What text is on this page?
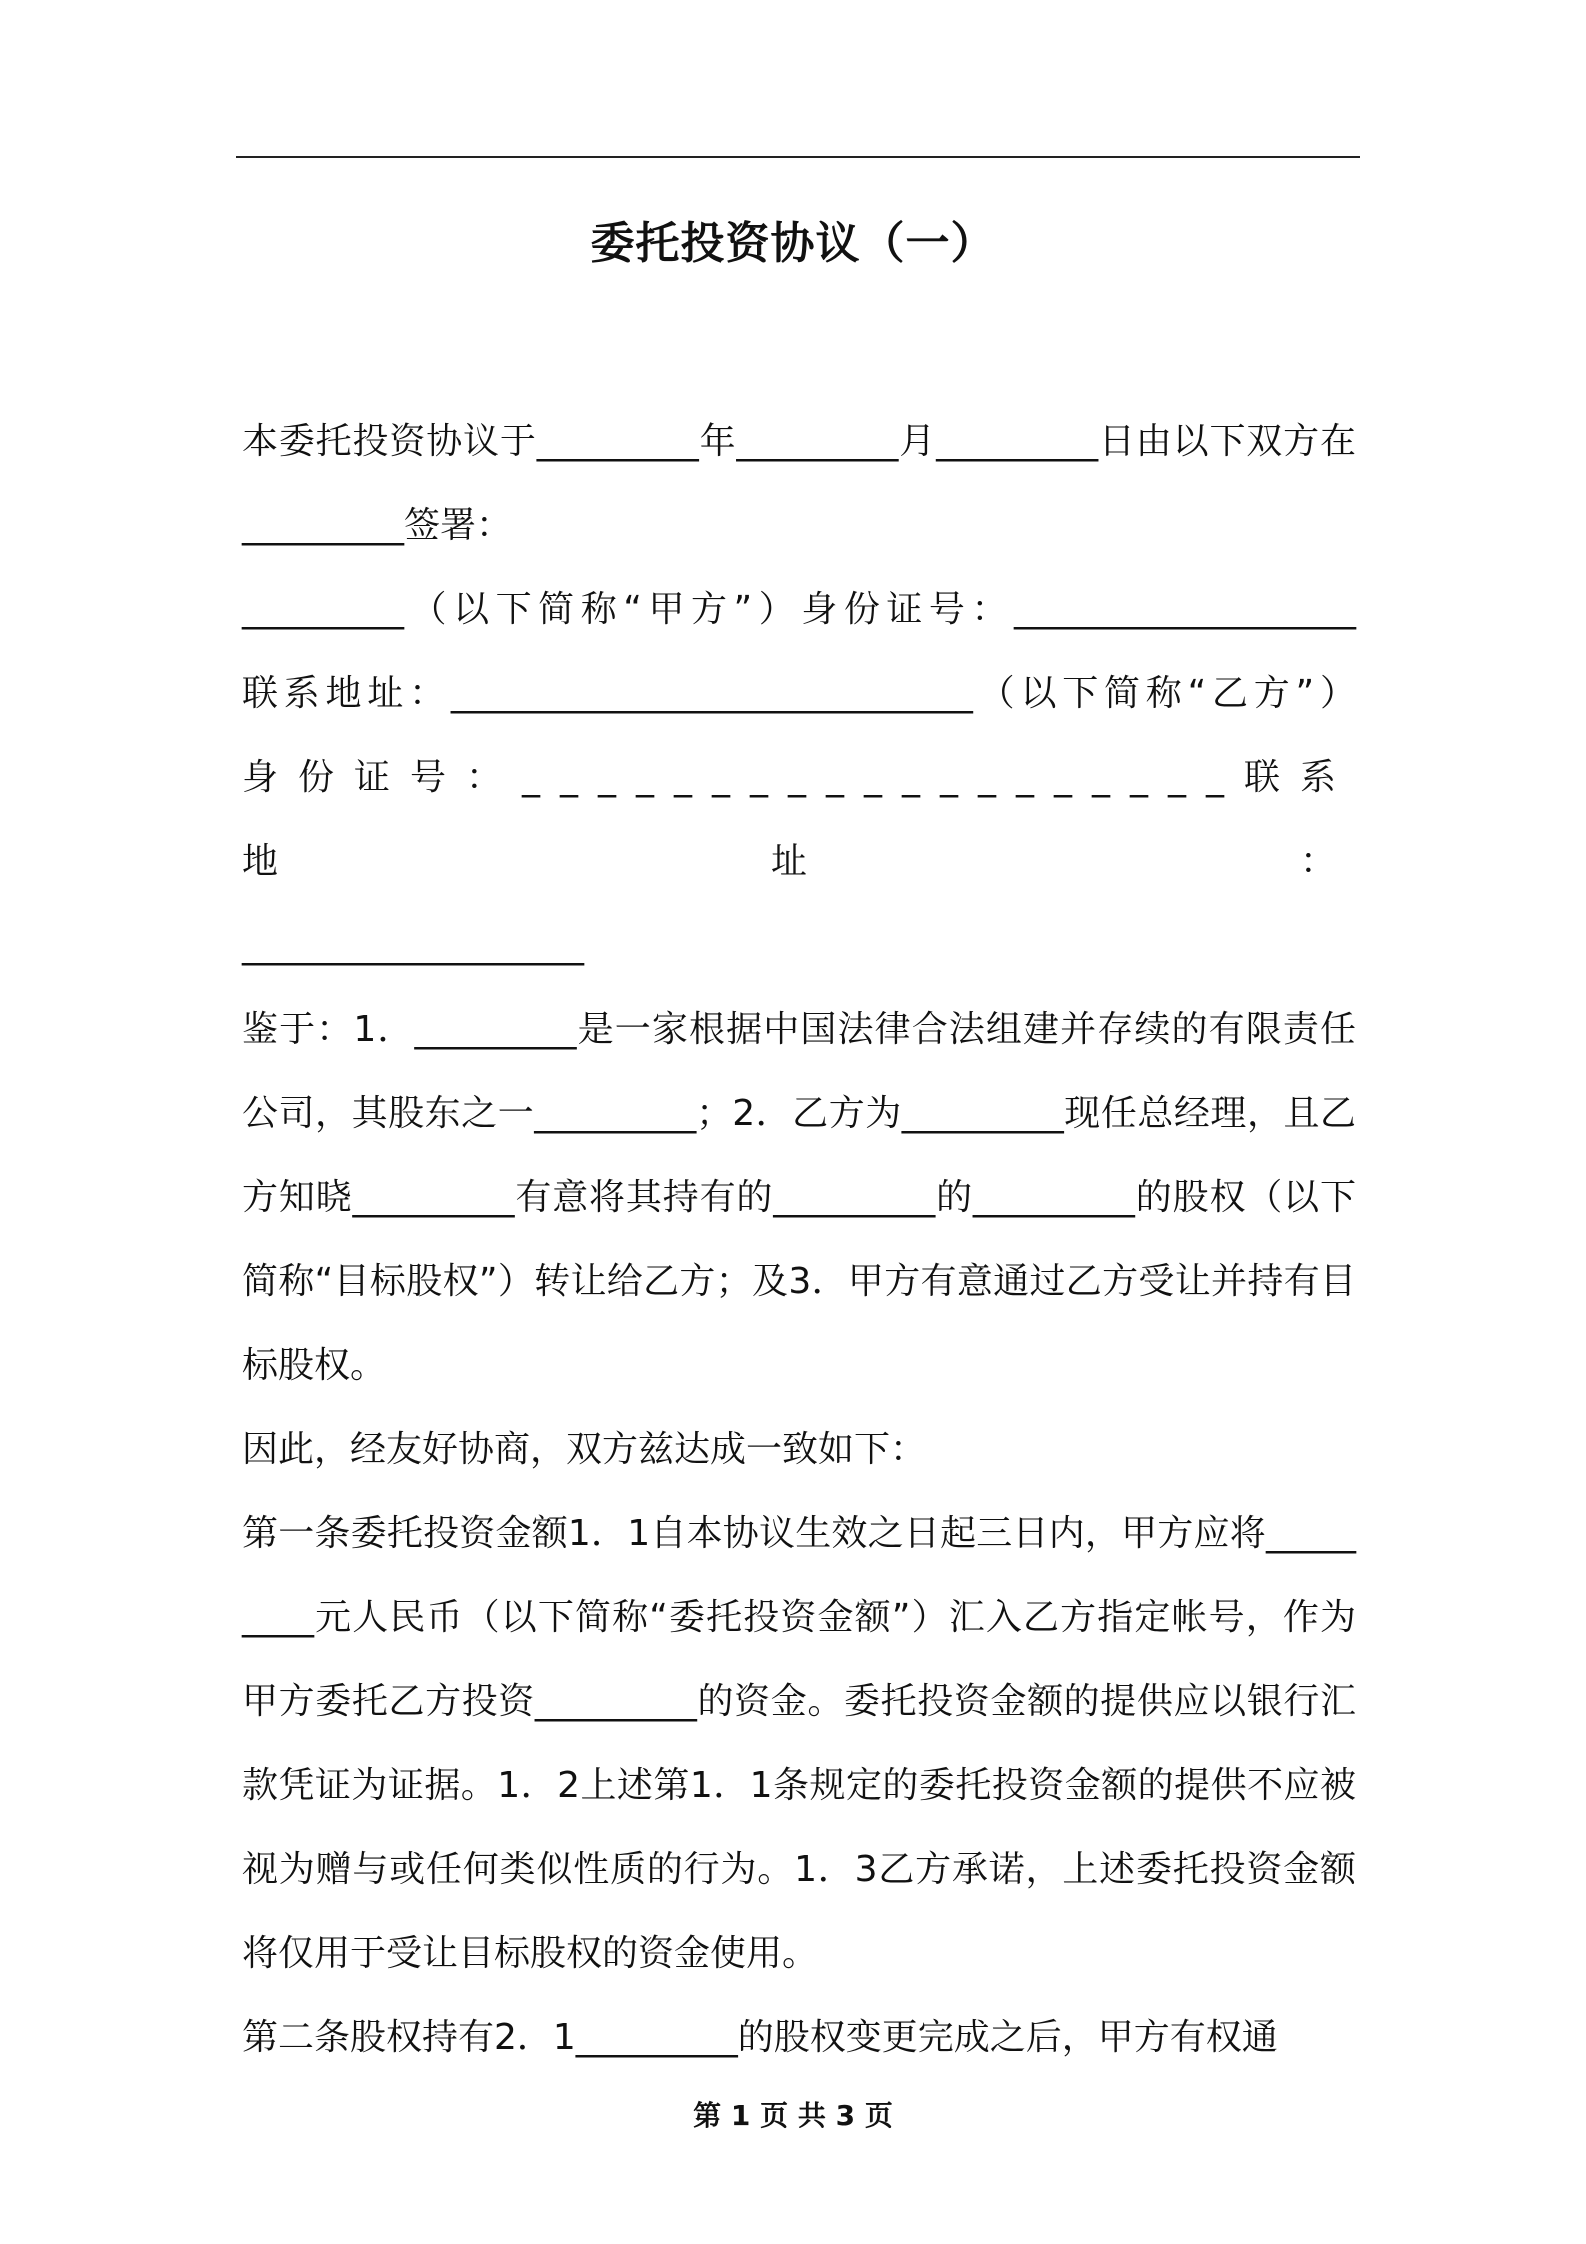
委托投资协议（一）

本委托投资协议于_________年_________月_________日由以下双方在_________签署：

_________（以下简称“甲方”）身份证号：___________________

联系地址：_____________________________（以下简称“乙方”）

身份证号：___________________联系地址：

___________________

鉴于：1．_________是一家根据中国法律合法组建并存续的有限责任公司，其股东之一_________；2．乙方为_________现任总经理，且乙方知晓_________有意将其持有的_________的_________的股权（以下简称“目标股权”）转让给乙方；及3．甲方有意通过乙方受让并持有目标股权。

因此，经友好协商，双方兹达成一致如下：

第一条委托投资金额1．1自本协议生效之日起三日内，甲方应将_________元人民币（以下简称“委托投资金额”）汇入乙方指定帐号，作为甲方委托乙方投资_________的资金。委托投资金额的提供应以银行汇款凭证为证据。1．2上述第1．1条规定的委托投资金额的提供不应被视为赠与或任何类似性质的行为。1．3乙方承诺，上述委托投资金额将仅用于受让目标股权的资金使用。

第二条股权持有2．1_________的股权变更完成之后，甲方有权通

第 1 页 共 3 页
